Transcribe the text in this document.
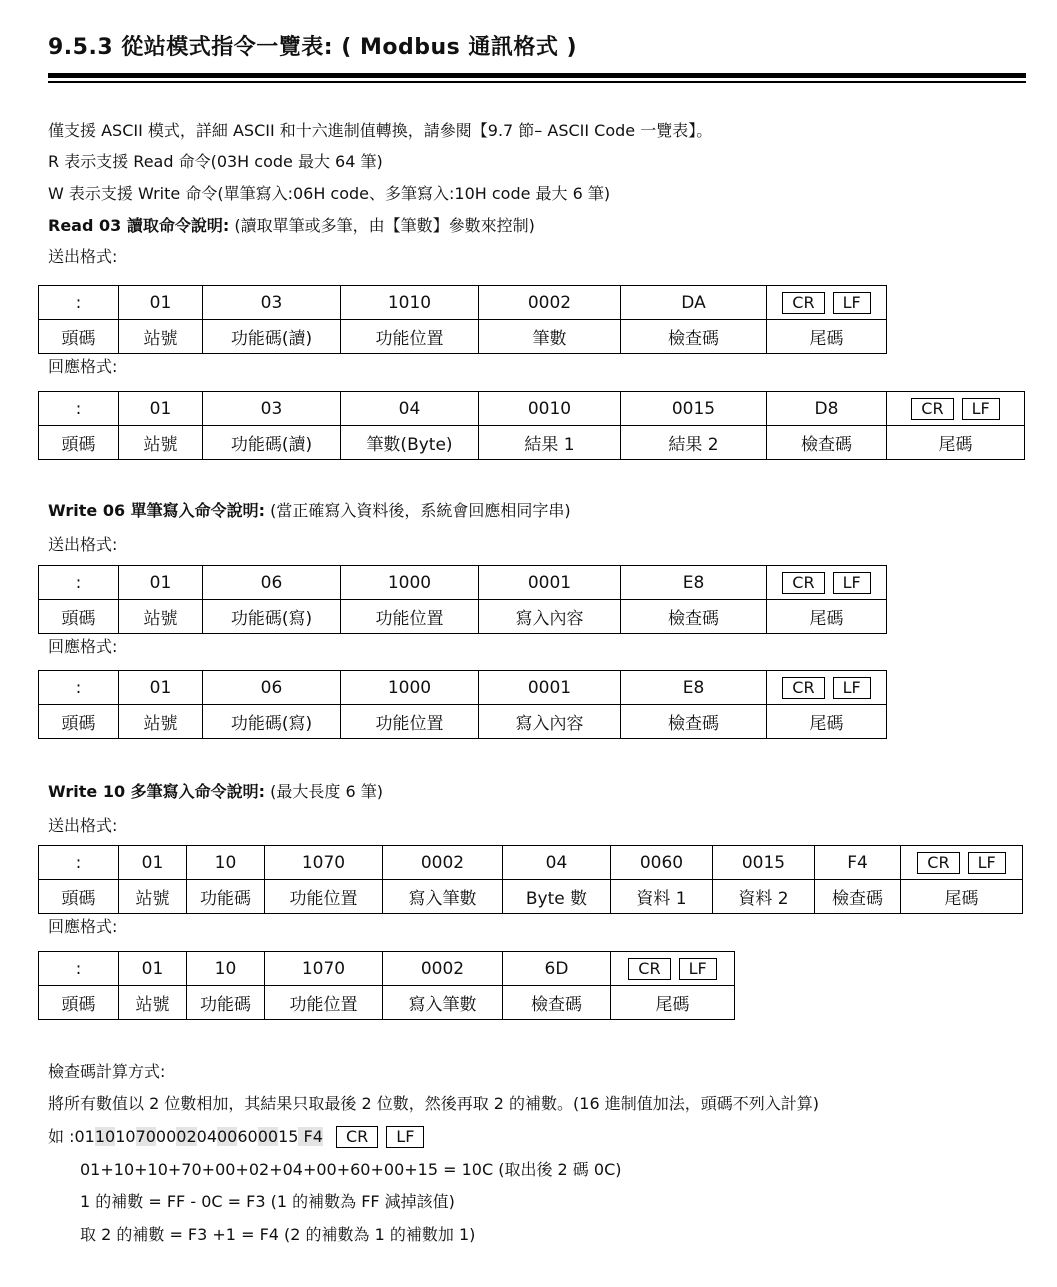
9.5.3 從站模式指令一覽表: ( Modbus 通訊格式 )
僅支援 ASCII 模式，詳細 ASCII 和十六進制值轉換，請參閱【9.7 節– ASCII Code 一覽表】。
R 表示支援 Read 命令(03H code 最大 64 筆)
W 表示支援 Write 命令(單筆寫入:06H code、多筆寫入:10H code 最大 6 筆)
Read 03 讀取命令說明: (讀取單筆或多筆，由【筆數】參數來控制)
送出格式:
:	01	03	1010	0002	DA	CR LF

頭碼	站號	功能碼(讀)	功能位置	筆數	檢查碼	尾碼
回應格式:
:	01	03	04	0010	0015	D8	CR LF

頭碼	站號	功能碼(讀)	筆數(Byte)	結果 1	結果 2	檢查碼	尾碼
Write 06 單筆寫入命令說明: (當正確寫入資料後，系統會回應相同字串)
送出格式:
:	01	06	1000	0001	E8	CR LF

頭碼	站號	功能碼(寫)	功能位置	寫入內容	檢查碼	尾碼
回應格式:
:	01	06	1000	0001	E8	CR LF

頭碼	站號	功能碼(寫)	功能位置	寫入內容	檢查碼	尾碼
Write 10 多筆寫入命令說明: (最大長度 6 筆)
送出格式:
:	01	10	1070	0002	04	0060	0015	F4	CR LF

頭碼	站號	功能碼	功能位置	寫入筆數	Byte 數	資料 1	資料 2	檢查碼	尾碼
回應格式:
:	01	10	1070	0002	6D	CR LF

頭碼	站號	功能碼	功能位置	寫入筆數	檢查碼	尾碼
檢查碼計算方式:
將所有數值以 2 位數相加，其結果只取最後 2 位數，然後再取 2 的補數。(16 進制值加法，頭碼不列入計算)
如 :0110107000020400600015 F4	CR	LF
01+10+10+70+00+02+04+00+60+00+15 = 10C (取出後 2 碼 0C)
1 的補數 = FF - 0C = F3 (1 的補數為 FF 減掉該值)
取 2 的補數 = F3 +1 = F4 (2 的補數為 1 的補數加 1)
